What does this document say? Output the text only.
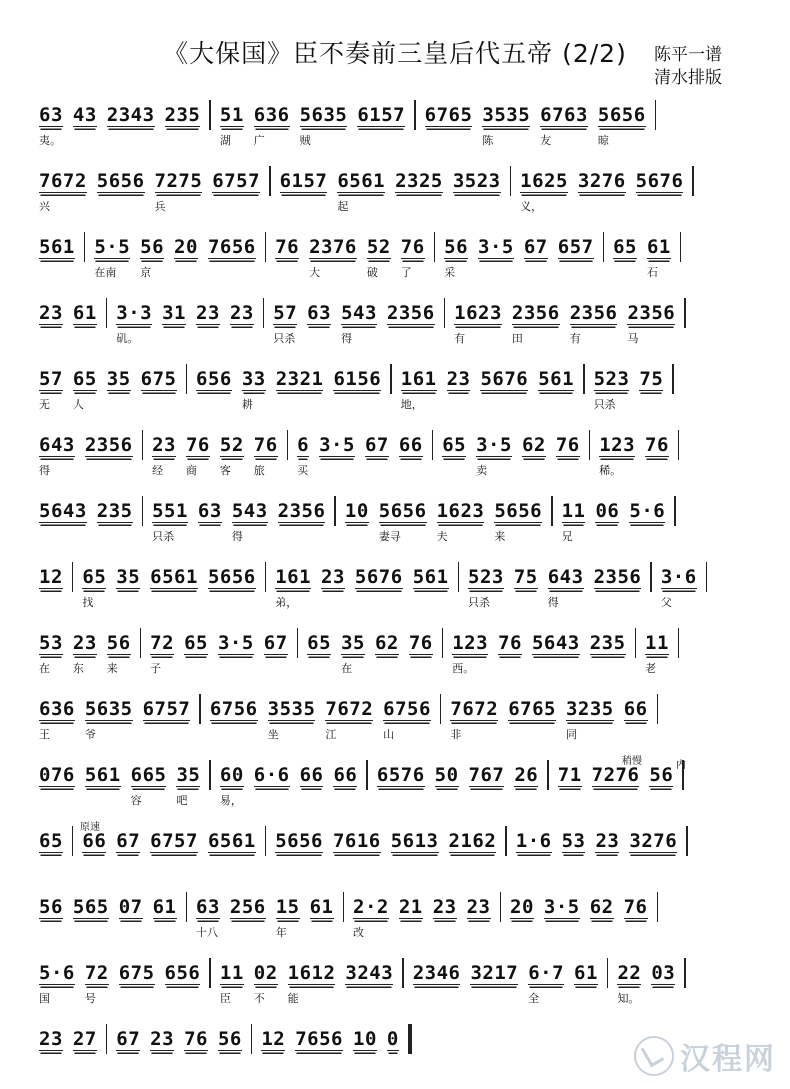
《大保国》臣不奏前三皇后代五帝 (2/2)	陈平一谱
清水排版
63
夷。
43 2343 235 51
湖
636
广
5635
贼
6157 6765 3535
陈
6763
友
5656
晾
7672
兴
5656 7275
兵
6757 6157 6561
起
2325 3523 1625
义，
3276 5676
561 5·5
在南
56
京
20 7656 76 2376
大
52
破
76
了
56
采
3·5 67 657 65 61
石
23 61 3·3
矶。
31 23 23 57
只杀
63 543
得
2356 1623
有
2356
田
2356
有
2356
马
57
无
65
人
35 675 656 33
耕
2321 6156 161
地，
23 5676 561 523
只杀
75
643
得
2356 23
经
76
商
52
客
76
旅
6
买
3·5 67 66 65 3·5
卖
62 76 123
稀。
76
5643 235 551
只杀
63 543
得
2356 10 5656
妻寻
1623
夫
5656
来
11
兄
06 5·6
12 65
找
35 6561 5656 161
弟，
23 5676 561 523
只杀
75 643
得
2356 3·6
父
53
在
23
东
56
来
72
子
65 3·5 67 65 35
在
62 76 123
西。
76 5643 235 11
老
636
王
5635
爷
6757 6756 3535
坐
7672
江
6756
山
7672
非
6765 3235
同
66
076 561 665
容
35
吧
60
易，
6·6 66 66 6576 50 767 26 71 7276 56
65 66 67 6757 6561 5656 7616 5613 2162 1·6 53 23 3276
56 565 07 61 63
十八
256 15
年
61 2·2
改
21 23 23 20 3·5 62 76
5·6
国
72
号
675 656 11
臣
02
不
1612
能
3243 2346 3217 6·7
全
61 22
知。
03
23 27 67 23 76 56 12 7656 10 0
稍慢	内
原速
汉程网
